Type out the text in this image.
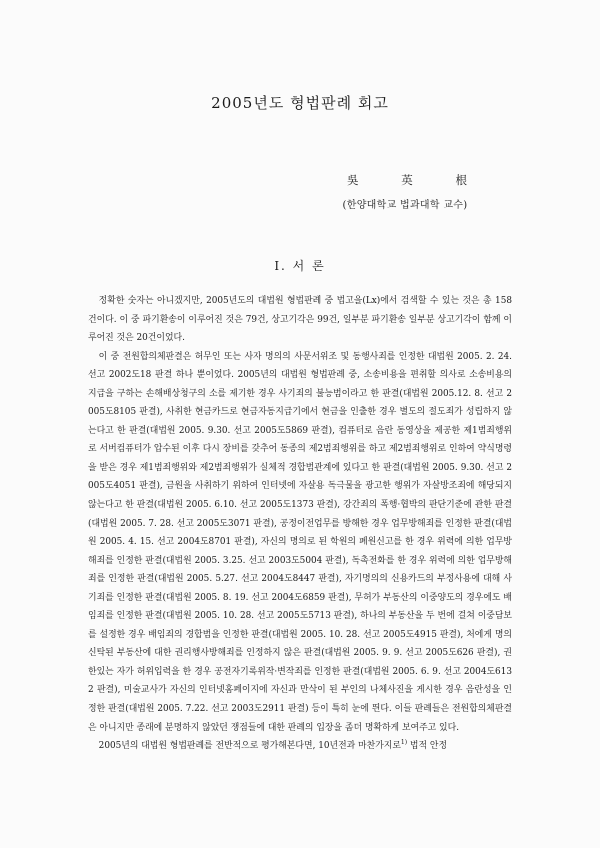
2005년도 형법판례 회고
吳	英	根
(한양대학교 법과대학 교수)
I. 서 론

정확한 숫자는 아니겠지만, 2005년도의 대법원 형법판례 중 법고을(Lx)에서 검색할 수 있는 것은 총 158건이다. 이 중 파기환송이 이루어진 것은 79건, 상고기각은 99건, 일부분 파기환송 일부분 상고기각이 함께 이루어진 것은 20건이었다.

이 중 전원합의체판결은 허무인 또는 사자 명의의 사문서위조 및 동행사죄를 인정한 대법원 2005. 2. 24. 선고 2002도18 판결 하나 뿐이었다. 2005년의 대법원 형법판례 중, 소송비용을 편취할 의사로 소송비용의 지급을 구하는 손해배상청구의 소를 제기한 경우 사기죄의 불능범이라고 한 판결(대법원 2005.12. 8. 선고 2005도8105 판결), 사취한 현금카드로 현금자동지급기에서 현금을 인출한 경우 별도의 절도죄가 성립하지 않는다고 한 판결(대법원 2005. 9.30. 선고 2005도5869 판결), 컴퓨터로 음란 동영상을 제공한 제1범죄행위로 서버컴퓨터가 압수된 이후 다시 장비를 갖추어 동종의 제2범죄행위를 하고 제2범죄행위로 인하여 약식명령을 받은 경우 제1범죄행위와 제2범죄행위가 실체적 경합범관계에 있다고 한 판결(대법원 2005. 9.30. 선고 2005도4051 판결), 금원을 사취하기 위하여 인터넷에 자살용 독극물을 광고한 행위가 자살방조죄에 해당되지 않는다고 한 판결(대법원 2005. 6.10. 선고 2005도1373 판결), 강간죄의 폭행·협박의 판단기준에 관한 판결(대법원 2005. 7. 28. 선고 2005도3071 판결), 공정이전업무를 방해한 경우 업무방해죄를 인정한 판결(대법원 2005. 4. 15. 선고 2004도8701 판결), 자신의 명의로 된 학원의 폐원신고를 한 경우 위력에 의한 업무방해죄를 인정한 판결(대법원 2005. 3.25. 선고 2003도5004 판결), 독촉전화를 한 경우 위력에 의한 업무방해죄를 인정한 판결(대법원 2005. 5.27. 선고 2004도8447 판결), 자기명의의 신용카드의 부정사용에 대해 사기죄를 인정한 판결(대법원 2005. 8. 19. 선고 2004도6859 판결), 무허가 부동산의 이중양도의 경우에도 배임죄를 인정한 판결(대법원 2005. 10. 28. 선고 2005도5713 판결), 하나의 부동산을 두 번에 걸쳐 이중담보를 설정한 경우 배임죄의 경합범을 인정한 판결(대법원 2005. 10. 28. 선고 2005도4915 판결), 처에게 명의신탁된 부동산에 대한 권리행사방해죄를 인정하지 않은 판결(대법원 2005. 9. 9. 선고 2005도626 판결), 권한있는 자가 허위입력을 한 경우 공전자기록위작·변작죄를 인정한 판결(대법원 2005. 6. 9. 선고 2004도6132 판결), 미술교사가 자신의 인터넷홈페이지에 자신과 만삭이 된 부인의 나체사진을 게시한 경우 음란성을 인정한 판결(대법원 2005. 7.22. 선고 2003도2911 판결) 등이 특히 눈에 띈다. 이들 판례들은 전원합의체판결은 아니지만 종래에 분명하지 않았던 쟁점들에 대한 판례의 입장을 좀더 명확하게 보여주고 있다.

2005년의 대법원 형법판례를 전반적으로 평가해본다면, 10년전과 마찬가지로$^{1)}$ 법적 안정
